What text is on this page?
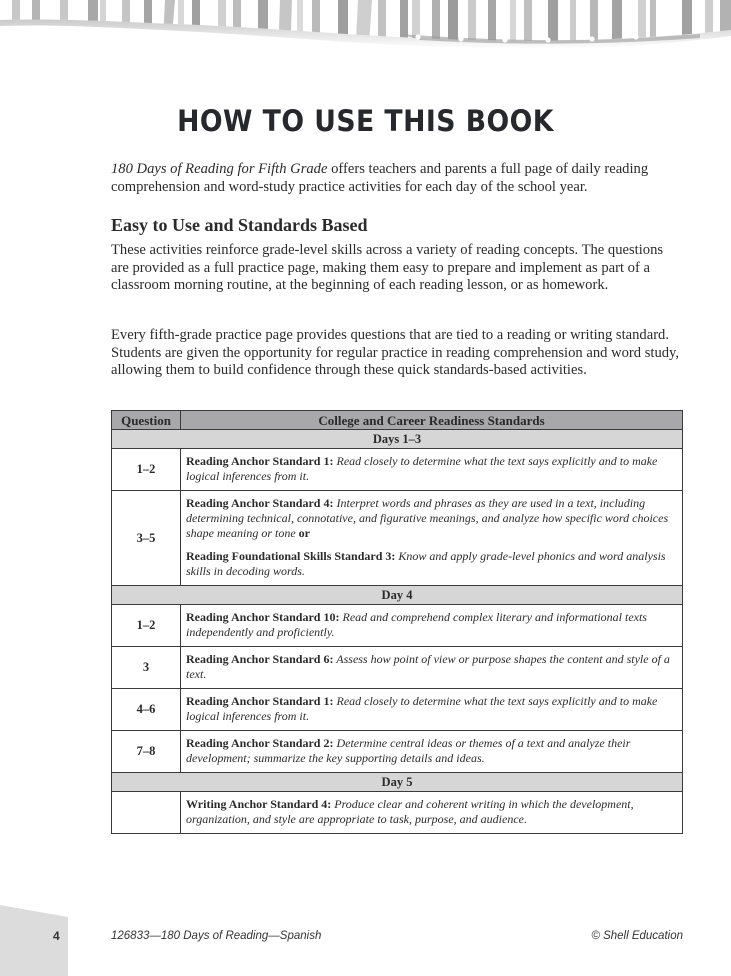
HOW TO USE THIS BOOK
180 Days of Reading for Fifth Grade offers teachers and parents a full page of daily reading comprehension and word-study practice activities for each day of the school year.
Easy to Use and Standards Based
These activities reinforce grade-level skills across a variety of reading concepts. The questions are provided as a full practice page, making them easy to prepare and implement as part of a classroom morning routine, at the beginning of each reading lesson, or as homework.
Every fifth-grade practice page provides questions that are tied to a reading or writing standard. Students are given the opportunity for regular practice in reading comprehension and word study, allowing them to build confidence through these quick standards-based activities.
Question	College and Career Readiness Standards
Days 1–3	
1–2	Reading Anchor Standard 1: Read closely to determine what the text says explicitly and to make logical inferences from it.

3–5	Reading Anchor Standard 4: Interpret words and phrases as they are used in a text, including determining technical, connotative, and figurative meanings, and analyze how specific word choices shape meaning or tone or
Reading Foundational Skills Standard 3: Know and apply grade-level phonics and word analysis skills in decoding words.

Day 4	
1–2	Reading Anchor Standard 10: Read and comprehend complex literary and informational texts independently and proficiently.

3	Reading Anchor Standard 6: Assess how point of view or purpose shapes the content and style of a text.

4–6	Reading Anchor Standard 1: Read closely to determine what the text says explicitly and to make logical inferences from it.

7–8	Reading Anchor Standard 2: Determine central ideas or themes of a text and analyze their development; summarize the key supporting details and ideas.

Day 5	

	Writing Anchor Standard 4: Produce clear and coherent writing in which the development, organization, and style are appropriate to task, purpose, and audience.
4	126833—180 Days of Reading—Spanish	© Shell Education
